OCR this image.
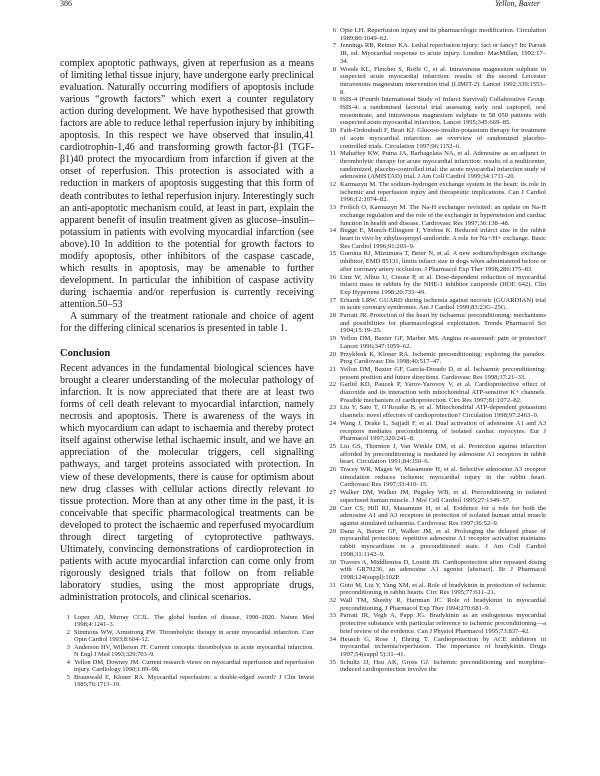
386	Yellon, Baxter

complex apoptotic pathways, given at reperfusion as a means of limiting lethal tissue injury, have undergone early preclinical evaluation. Naturally occurring modifiers of apoptosis include various “growth factors” which exert a counter regulatory action during development. We have hypothesised that growth factors are able to reduce lethal reperfusion injury by inhibiting apoptosis. In this respect we have observed that insulin,41 cardiotrophin-1,46 and transforming growth factor-β1 (TGF-β1)40 protect the myocardium from infarction if given at the onset of reperfusion. This protection is associated with a reduction in markers of apoptosis suggesting that this form of death contributes to lethal reperfusion injury. Interestingly such an anti-apoptotic mechanism could, at least in part, explain the apparent benefit of insulin treatment given as glucose–insulin–potassium in patients with evolving myocardial infarction (see above).10 In addition to the potential for growth factors to modify apoptosis, other inhibitors of the caspase cascade, which results in apoptosis, may be amenable to further development. In particular the inhibition of caspase activity during ischaemia and/or reperfusion is currently receiving attention.50–53

A summary of the treatment rationale and choice of agent for the differing clinical scenarios is presented in table 1.

Conclusion

Recent advances in the fundamental biological sciences have brought a clearer understanding of the molecular pathology of infarction. It is now appreciated that there are at least two forms of cell death relevant to myocardial infarction, namely necrosis and apoptosis. There is awareness of the ways in which myocardium can adapt to ischaemia and thereby protect itself against otherwise lethal ischaemic insult, and we have an appreciation of the molecular triggers, cell signalling pathways, and target proteins associated with protection. In view of these developments, there is cause for optimism about new drug classes with cellular actions directly relevant to tissue protection. More than at any other time in the past, it is conceivable that specific pharmacological treatments can be developed to protect the ischaemic and reperfused myocardium through direct targeting of cytoprotective pathways. Ultimately, convincing demonstrations of cardioprotection in patients with acute myocardial infarction can come only from rigorously designed trials that follow on from reliable laboratory studies, using the most appropriate drugs, administration protocols, and clinical scenarios.

1 Lopez AD, Murray CCJL. The global burden of disease, 1990–2020. Nature Med 1998;4:1241–3.
2 Simmons WW, Armstrong PW. Thrombolytic therapy in acute myocardial infarction. Curr Opin Cardiol 1993;8:604–12.
3 Anderson HV, Willerson JT. Current concepts: thrombolysis in acute myocardial infarction. N Engl J Med 1993;329:703–9.
4 Yellon DM, Downey JM. Current research views on myocardial reperfusion and reperfusion injury. Cardiology 1990;1:89–98.
5 Braunwald E, Kloner RA. Myocardial reperfusion: a double-edged sword? J Clin Invest 1985;76:1713–19.
6 Opie LH. Reperfusion injury and its pharmacologic modification. Circulation 1989;80:1049–62.
7 Jennings RB, Reimer KA. Lethal reperfusion injury: fact or fancy? In: Parratt JR, ed. Myocardial response to acute injury. London: MacMillan, 1992:17–34.
8 Woods KL, Fletcher S, Roffe C, et al. Intravenous magnesium sulphate in suspected acute myocardial infarction: results of the second Leicester intravenous magnesium intervention trial (LIMIT-2). Lancet 1992;339:1553–8.
9 ISIS-4 (Fourth International Study of Infarct Survival) Collaborative Group. ISIS-4: a randomised factorial trial assessing early oral captopril, oral mononitrate, and intravenous magnesium sulphate in 58 050 patients with suspected acute myocardial infarction. Lancet 1995;345:669–85.
10 Fath-Ordoubadi F, Beatt KJ. Glucose-insulin-potassium therapy for treatment of acute myocardial infarction: an overview of randomized placebo-controlled trials. Circulation 1997;96:1152–6.
11 Mahaffey KW, Puma JA, Barbagelata NA, et al. Adenosine as an adjunct to thrombolytic therapy for acute myocardial infarction: results of a multicenter, randomized, placebo-controlled trial: the acute myocardial infarction study of adenosine (AMISTAD) trial. J Am Coll Cardiol 1999;34:1711–20.
12 Karmazyn M. The sodium-hydrogen exchange system in the heart: its role in ischemic and reperfusion injury and therapeutic implications. Can J Cardiol 1996;12:1074–82.
13 Frolich O, Karmazyn M. The Na-H exchanger revisited: an update on Na-H exchange regulation and the role of the exchanger in hypertension and cardiac function in health and disease. Cardiovasc Res 1997;36:138–48.
14 Bugge E, Munch-Ellingsen J, Ytrehus K. Reduced infarct size in the rabbit heart in vivo by ethylisopropyl-amiloride. A role for Na+/H+ exchange. Basic Res Cardiol 1996;91:203–9.
15 Gumina RJ, Mizumura T, Beier N, et al. A new sodium/hydrogen exchange inhibitor, EMD 85131, limits infarct size in dogs when administered before or after coronary artery occlusion. J Pharmacol Exp Ther 1998;286:175–83.
16 Linz W, Albus U, Crause P, et al. Dose-dependent reduction of myocardial infarct mass in rabbits by the NHE-1 inhibitor cariporide (HOE 642). Clin Exp Hypertens 1998;20:733–49.
17 Erhardt LRW. GUARD during ischemia against necrosis (GUARDIAN) trial in acute coronary syndromes. Am J Cardiol 1999;83:23G–25G.
18 Parratt JR. Protection of the heart by ischaemic preconditioning: mechanisms and possibilities for pharmacological exploitation. Trends Pharmacol Sci 1994;15:19–25.
19 Yellon DM, Baxter GF, Marber MS. Angina re-assessed: pain or protector? Lancet 1996;347:1059–62.
20 Przyklenk K, Kloner RA. Ischemic preconditioning: exploring the paradox. Prog Cardiovasc Dis 1998;40:517–47.
21 Yellon DM, Baxter GF, Garcia-Dorado D, et al. Ischaemic preconditioning: present position and future directions. Cardiovasc Res 1998;37:21–33.
22 Garlid KD, Paucek P, Yarov-Yarovoy V, et al. Cardioprotective effect of diazoxide and its interaction with mitochondrial ATP-sensitive K+ channels. Possible mechanism of cardioprotection. Circ Res 1997;81:1072–82.
23 Liu Y, Sato T, O’Rourke B, et al. Mitochondrial ATP-dependent potassium channels: novel effectors of cardioprotection? Circulation 1998;97:2463–9.
24 Wang J, Drake L, Sajjadi F, et al. Dual activation of adenosine A1 and A3 receptors mediates preconditioning of isolated cardiac myocytes. Eur J Pharmacol 1997;320:241–8.
25 Liu GS, Thornton J, Van Winkle DM, et al. Protection against infarction afforded by preconditioning is mediated by adenosine A1 receptors in rabbit heart. Circulation 1991;84:350–6.
26 Tracey WR, Magee W, Masamune H, et al. Selective adenosine A3 receptor stimulation reduces ischemic myocardial injury in the rabbit heart. Cardiovasc Res 1997;33:410–15.
27 Walker DM, Walker JM, Pugsley WB, et al. Preconditioning in isolated superfused human muscle. J Mol Cell Cardiol 1995;27:1349–57.
28 Carr CS, Hill RJ, Masamune H, et al. Evidence for a role for both the adenosine A1 and A3 receptors in protection of isolated human atrial muscle against simulated ischaemia. Cardiovasc Res 1997;36:52–9.
29 Dana A, Baxter GF, Walker JM, et al. Prolonging the delayed phase of myocardial protection: repetitive adenosine A1 receptor activation maintains rabbit myocardium in a preconditioned state. J Am Coll Cardiol 1998;31:1142–9.
30 Travers A, Middlemiss D, Louttit JB. Cardioprotection after repeated dosing with GR79236, an adenosine A1 agonist [abstract]. Br J Pharmacol 1998;124(suppl):102P.
31 Goto M, Liu Y, Yang XM, et al. Role of bradykinin in protection of ischemic preconditioning in rabbit hearts. Circ Res 1995;77:611–21.
32 Wall TM, Sheehy R, Hartman JC. Role of bradykinin in myocardial preconditioning. J Pharmacol Exp Ther 1994;270:681–9.
33 Parratt JR, Vegh A, Papp JG. Bradykinin as an endogenous myocardial protective substance with particular reference to ischemic preconditioning—a brief review of the evidence. Can J Physiol Pharmacol 1995;73:837–42.
34 Heusch G, Rose J, Ehring T. Cardioprotection by ACE inhibitors in myocardial ischemia/reperfusion. The importance of bradykinin. Drugs 1997;54(suppl 5):31–41.
35 Schultz JJ, Hsu AK, Gross GJ. Ischemic preconditioning and morphine-induced cardioprotection involve the
